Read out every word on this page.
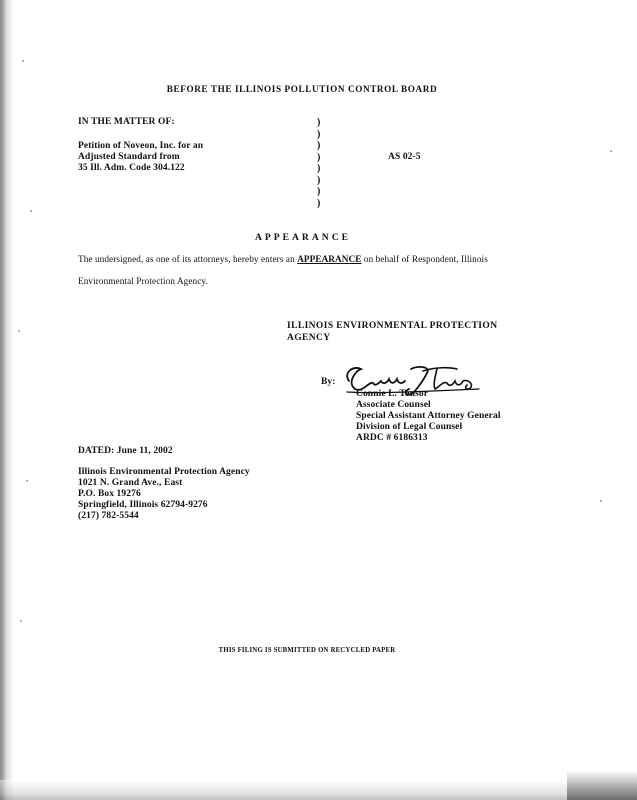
BEFORE THE ILLINOIS POLLUTION CONTROL BOARD
IN THE MATTER OF:
Petition of Noveon, Inc. for an
Adjusted Standard from
35 Ill. Adm. Code 304.122
)
)
)
)
)
)
)
)
AS 02-5
APPEARANCE
The undersigned, as one of its attorneys, hereby enters an APPEARANCE on behalf of Respondent, Illinois
Environmental Protection Agency.
ILLINOIS ENVIRONMENTAL PROTECTION
AGENCY
By:
Connie L. Tonsor
Associate Counsel
Special Assistant Attorney General
Division of Legal Counsel
ARDC # 6186313
DATED: June 11, 2002
Illinois Environmental Protection Agency
1021 N. Grand Ave., East
P.O. Box 19276
Springfield, Illinois 62794-9276
(217) 782-5544
THIS FILING IS SUBMITTED ON RECYCLED PAPER
